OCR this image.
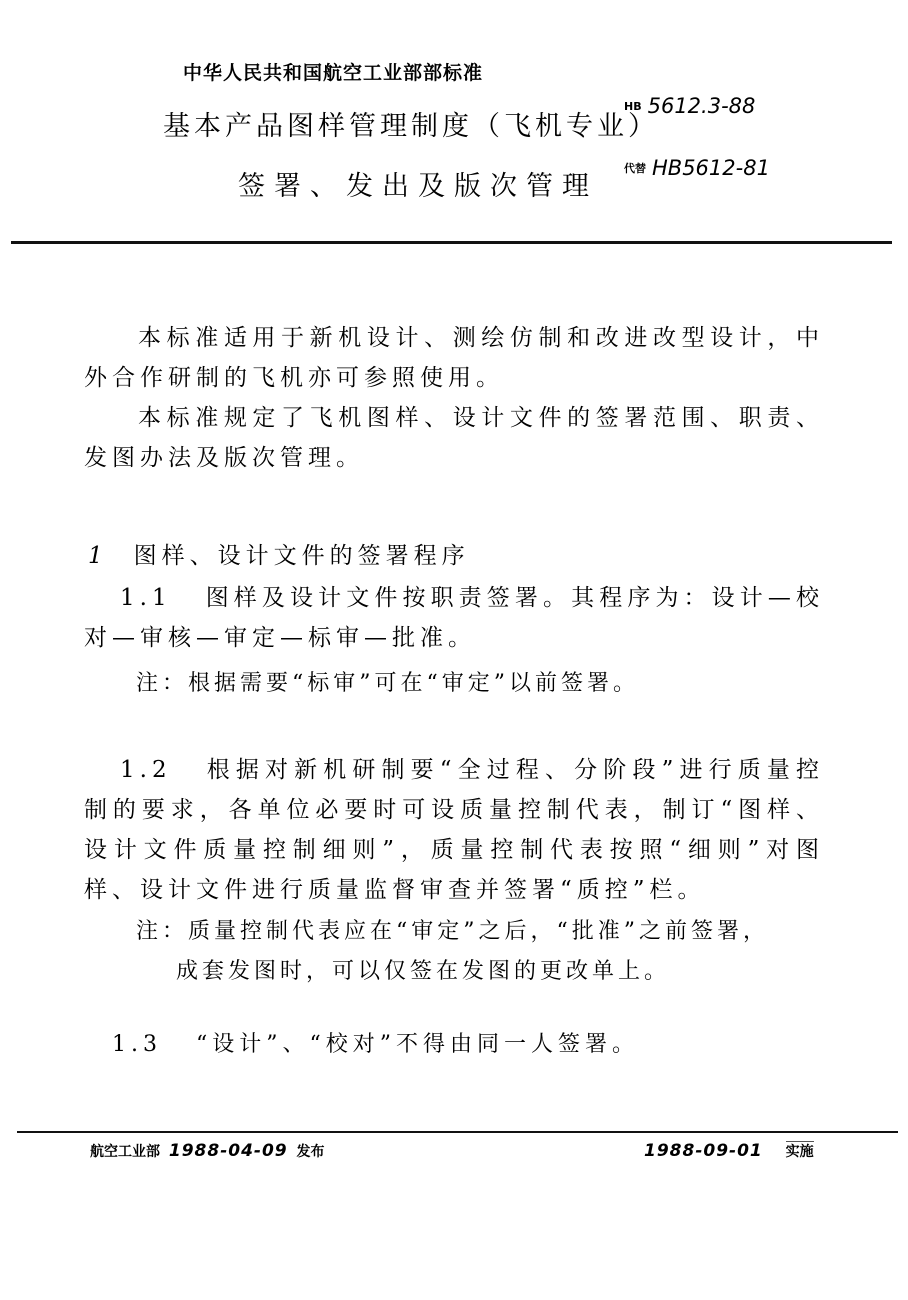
中华人民共和国航空工业部部标准
基本产品图样管理制度（飞机专业）
签署、发出及版次管理
HB 5612.3-88
代替 HB5612-81
本标准适用于新机设计、测绘仿制和改进改型设计，中外合作研制的飞机亦可参照使用。
本标准规定了飞机图样、设计文件的签署范围、职责、发图办法及版次管理。
1 图样、设计文件的签署程序
1.1 图样及设计文件按职责签署。其程序为：设计—校对—审核—审定—标审—批准。
注：根据需要“标审”可在“审定”以前签署。
1.2 根据对新机研制要“全过程、分阶段”进行质量控制的要求，各单位必要时可设质量控制代表，制订“图样、设计文件质量控制细则”，质量控制代表按照“细则”对图样、设计文件进行质量监督审查并签署“质控”栏。
注：质量控制代表应在“审定”之后，“批准”之前签署，
成套发图时，可以仅签在发图的更改单上。
1.3 “设计”、“校对”不得由同一人签署。
航空工业部 1988-04-09 发布	1988-09-01 实施
